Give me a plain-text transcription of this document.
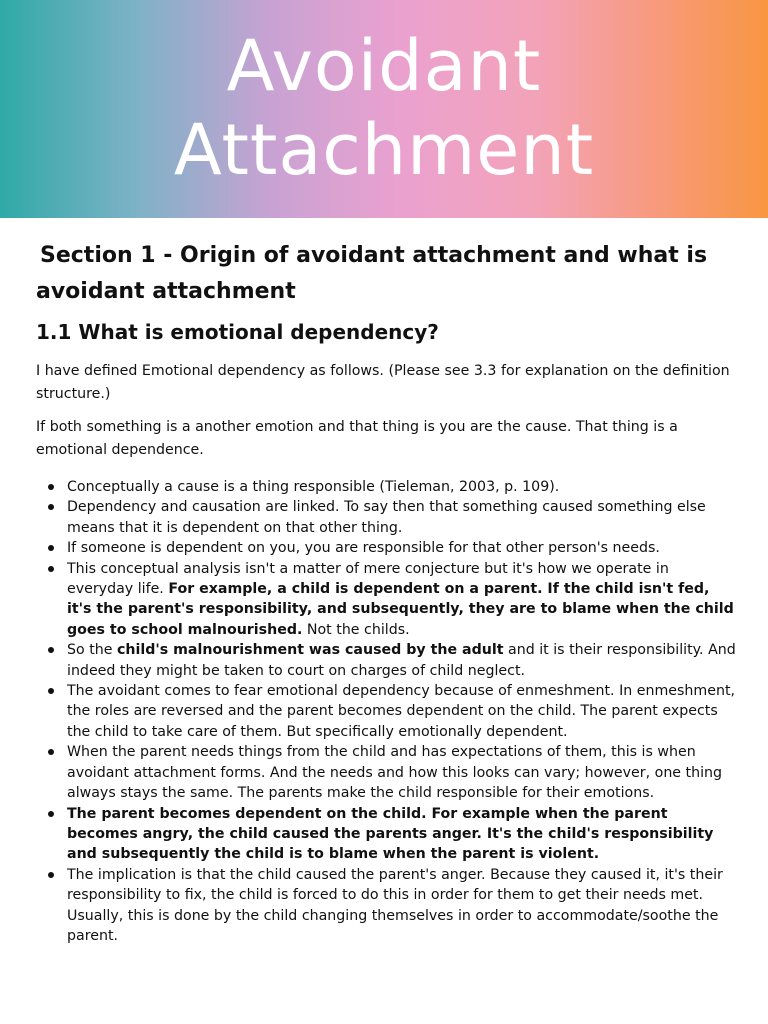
Avoidant
Attachment
Section 1 - Origin of avoidant attachment and what is avoidant attachment
1.1 What is emotional dependency?

I have defined Emotional dependency as follows. (Please see 3.3 for explanation on the definition structure.)

If both something is a another emotion and that thing is you are the cause. That thing is a emotional dependence.

Conceptually a cause is a thing responsible (Tieleman, 2003, p. 109).
Dependency and causation are linked. To say then that something caused something else means that it is dependent on that other thing.
If someone is dependent on you, you are responsible for that other person's needs.
This conceptual analysis isn't a matter of mere conjecture but it's how we operate in everyday life. For example, a child is dependent on a parent. If the child isn't fed, it's the parent's responsibility, and subsequently, they are to blame when the child goes to school malnourished. Not the childs.
So the child's malnourishment was caused by the adult and it is their responsibility. And indeed they might be taken to court on charges of child neglect.
The avoidant comes to fear emotional dependency because of enmeshment. In enmeshment, the roles are reversed and the parent becomes dependent on the child. The parent expects the child to take care of them. But specifically emotionally dependent.
When the parent needs things from the child and has expectations of them, this is when avoidant attachment forms. And the needs and how this looks can vary; however, one thing always stays the same. The parents make the child responsible for their emotions.
The parent becomes dependent on the child. For example when the parent becomes angry, the child caused the parents anger. It's the child's responsibility and subsequently the child is to blame when the parent is violent.
The implication is that the child caused the parent's anger. Because they caused it, it's their responsibility to fix, the child is forced to do this in order for them to get their needs met. Usually, this is done by the child changing themselves in order to accommodate/soothe the parent.
